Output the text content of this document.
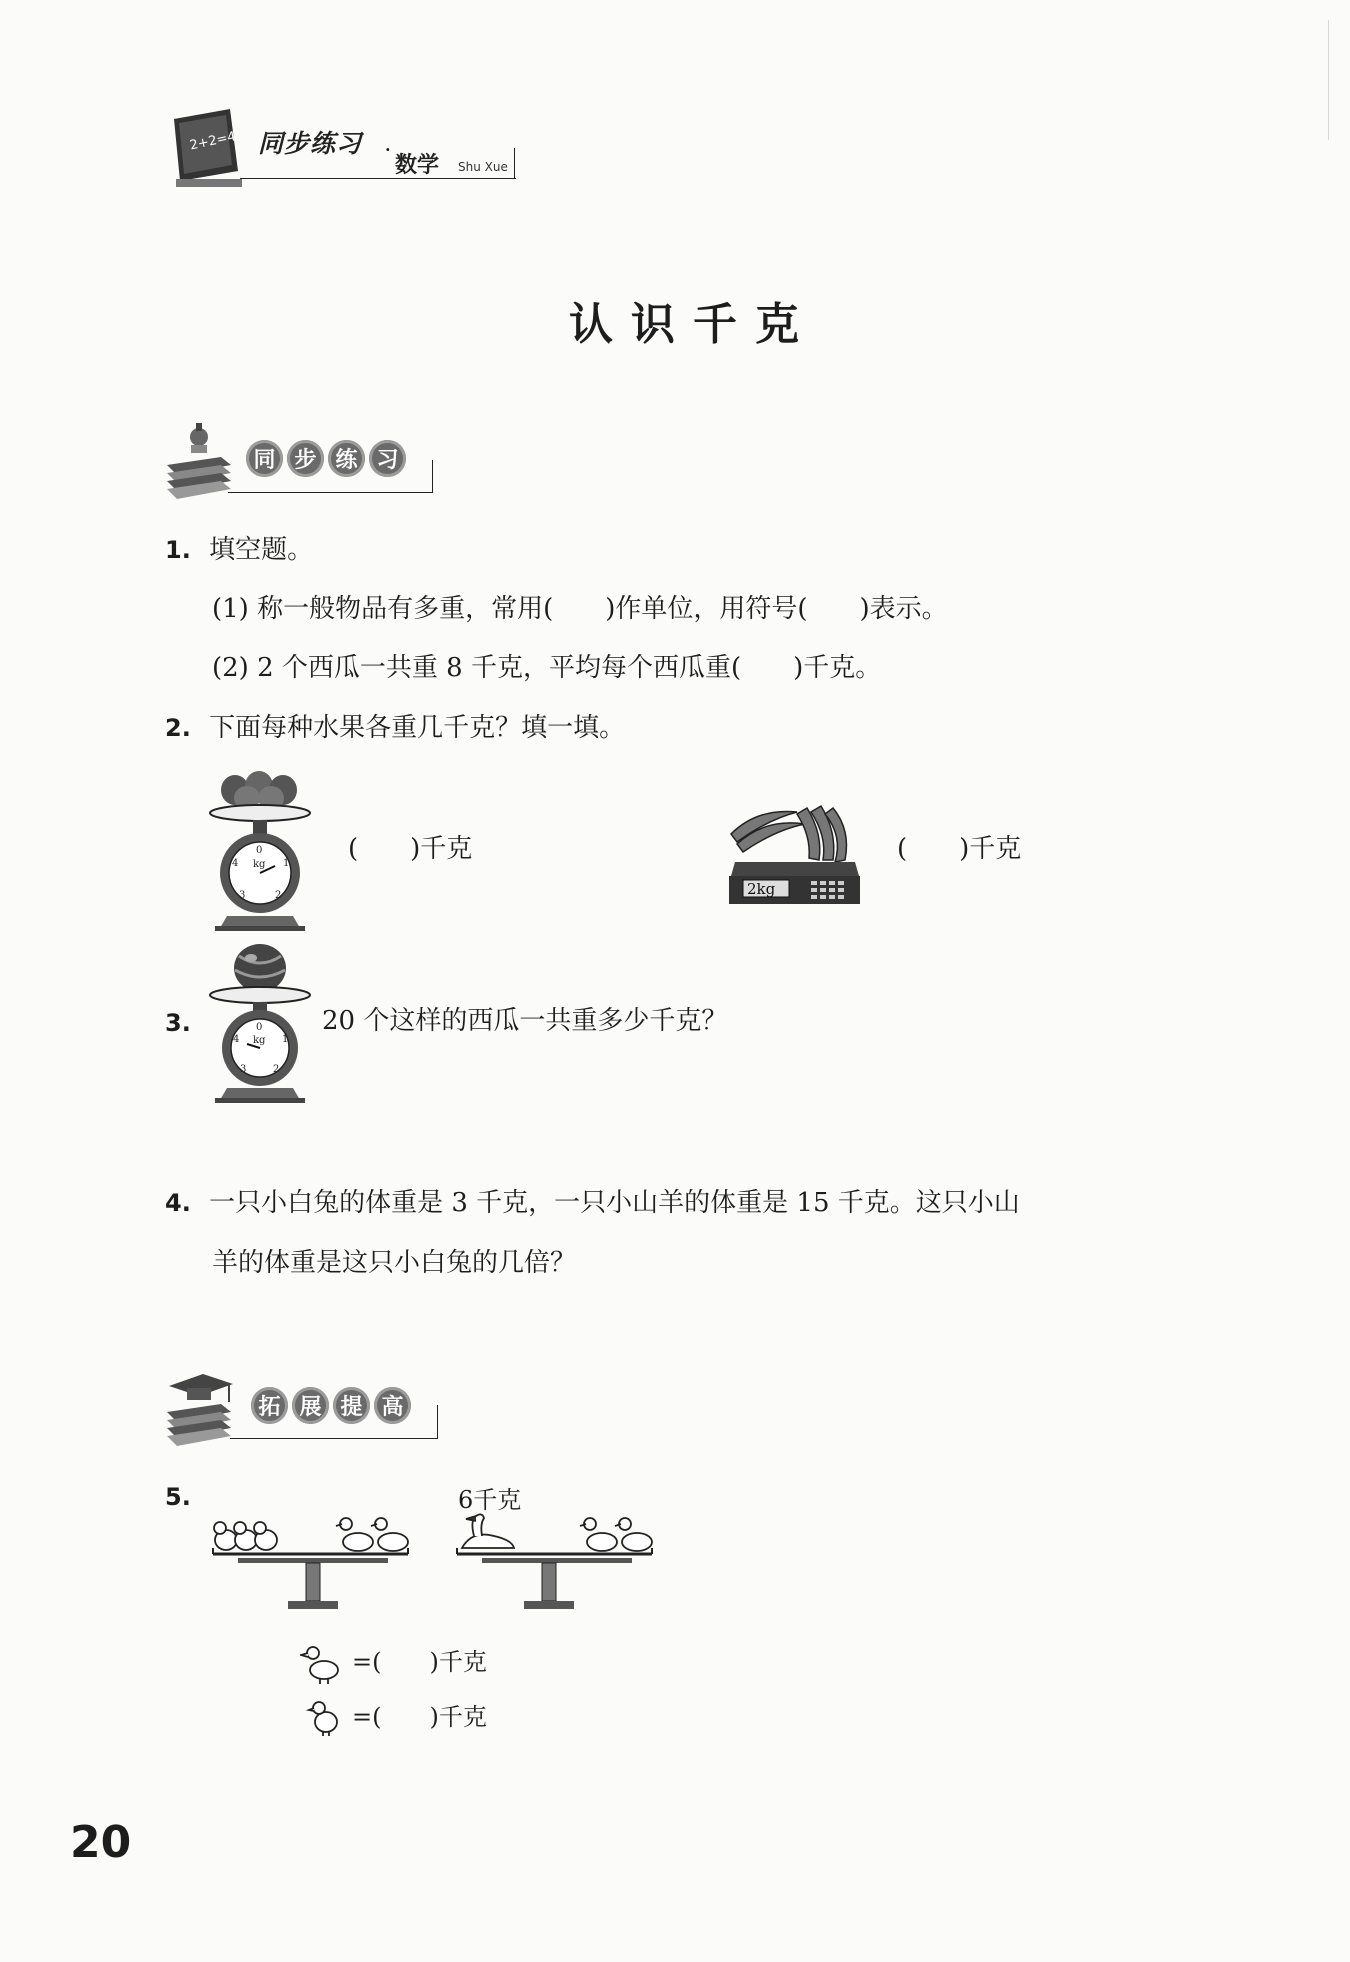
2+2=4 同步练习 ·
数学 Shu Xue
认识千克
同 步 练 习
1. 填空题。
(1) 称一般物品有多重，常用(　　)作单位，用符号(　　)表示。
(2) 2 个西瓜一共重 8 千克，平均每个西瓜重(　　)千克。
2. 下面每种水果各重几千克？填一填。
0
1
2
3
4 kg
(　　)千克
2kg
(　　)千克
3.	0
1
2
3
4 kg
20 个这样的西瓜一共重多少千克？
4. 一只小白兔的体重是 3 千克，一只小山羊的体重是 15 千克。这只小山
羊的体重是这只小白兔的几倍？
拓 展 提 高
5.	6千克
=(　　)千克
=(　　)千克
20
